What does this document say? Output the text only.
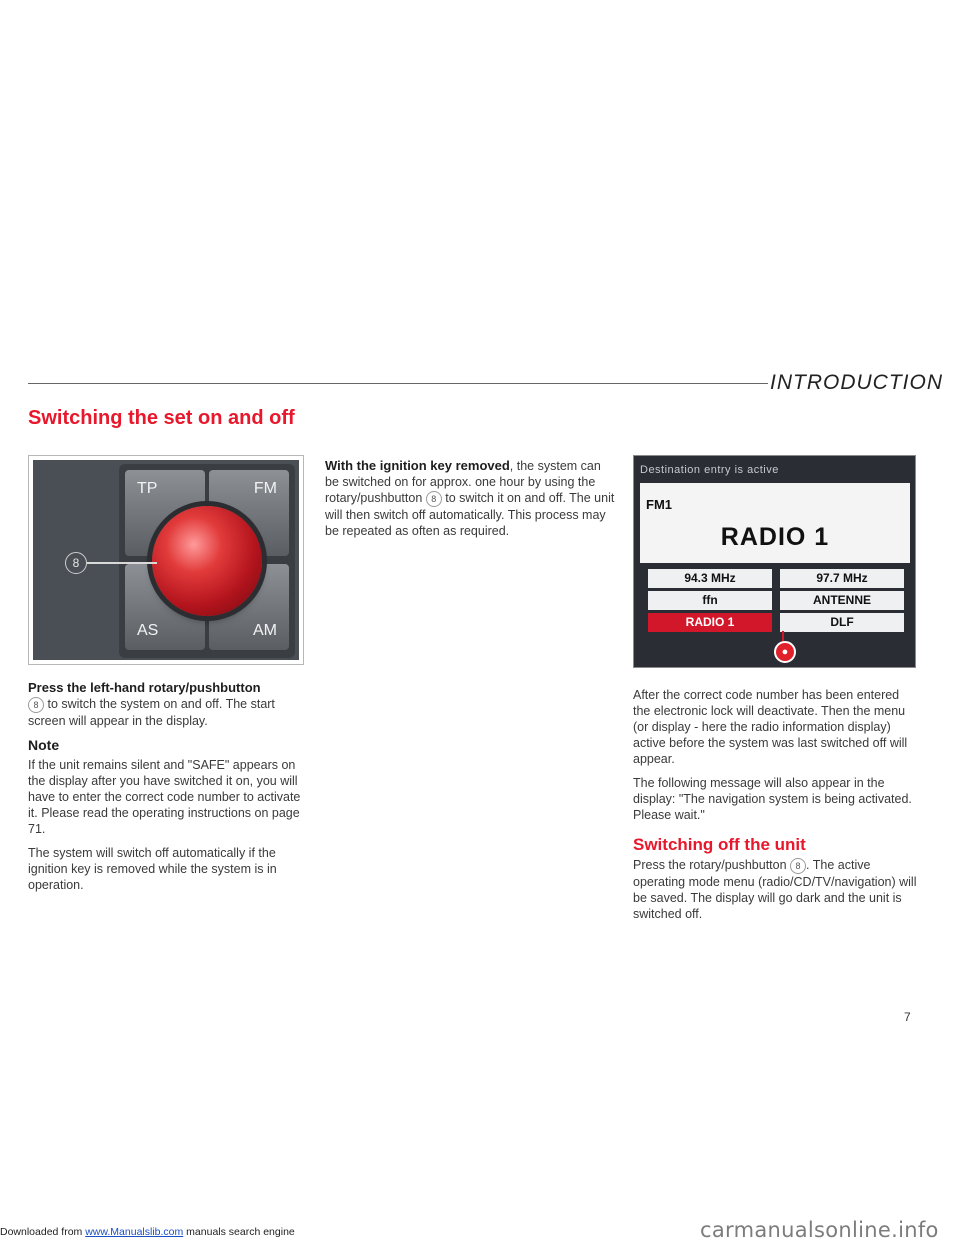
INTRODUCTION
Switching the set on and off
TP	FM
AS	AM
8

Press the left-hand rotary/pushbutton
8 to switch the system on and off. The start screen will appear in the display.

Note

If the unit remains silent and "SAFE" appears on the display after you have switched it on, you will have to enter the correct code number to activate it. Please read the operating instructions on page 71.

The system will switch off automatically if the ignition key is removed while the system is in operation.

With the ignition key removed, the system can be switched on for approx. one hour by using the rotary/pushbutton 8 to switch it on and off. The unit will then switch off automatically. This process may be repeated as often as required.

Destination entry is active
FM1
RADIO 1
94.3 MHz	97.7 MHz
ffn	ANTENNE
RADIO 1	DLF
●

After the correct code number has been entered the electronic lock will deactivate. Then the menu (or display - here the radio information display) active before the system was last switched off will appear.

The following message will also appear in the display: "The navigation system is being activated. Please wait."

Switching off the unit

Press the rotary/pushbutton 8 . The active operating mode menu (radio/CD/TV/navigation) will be saved. The display will go dark and the unit is switched off.

7
Downloaded from www.Manualslib.com manuals search engine	carmanualsonline.info
